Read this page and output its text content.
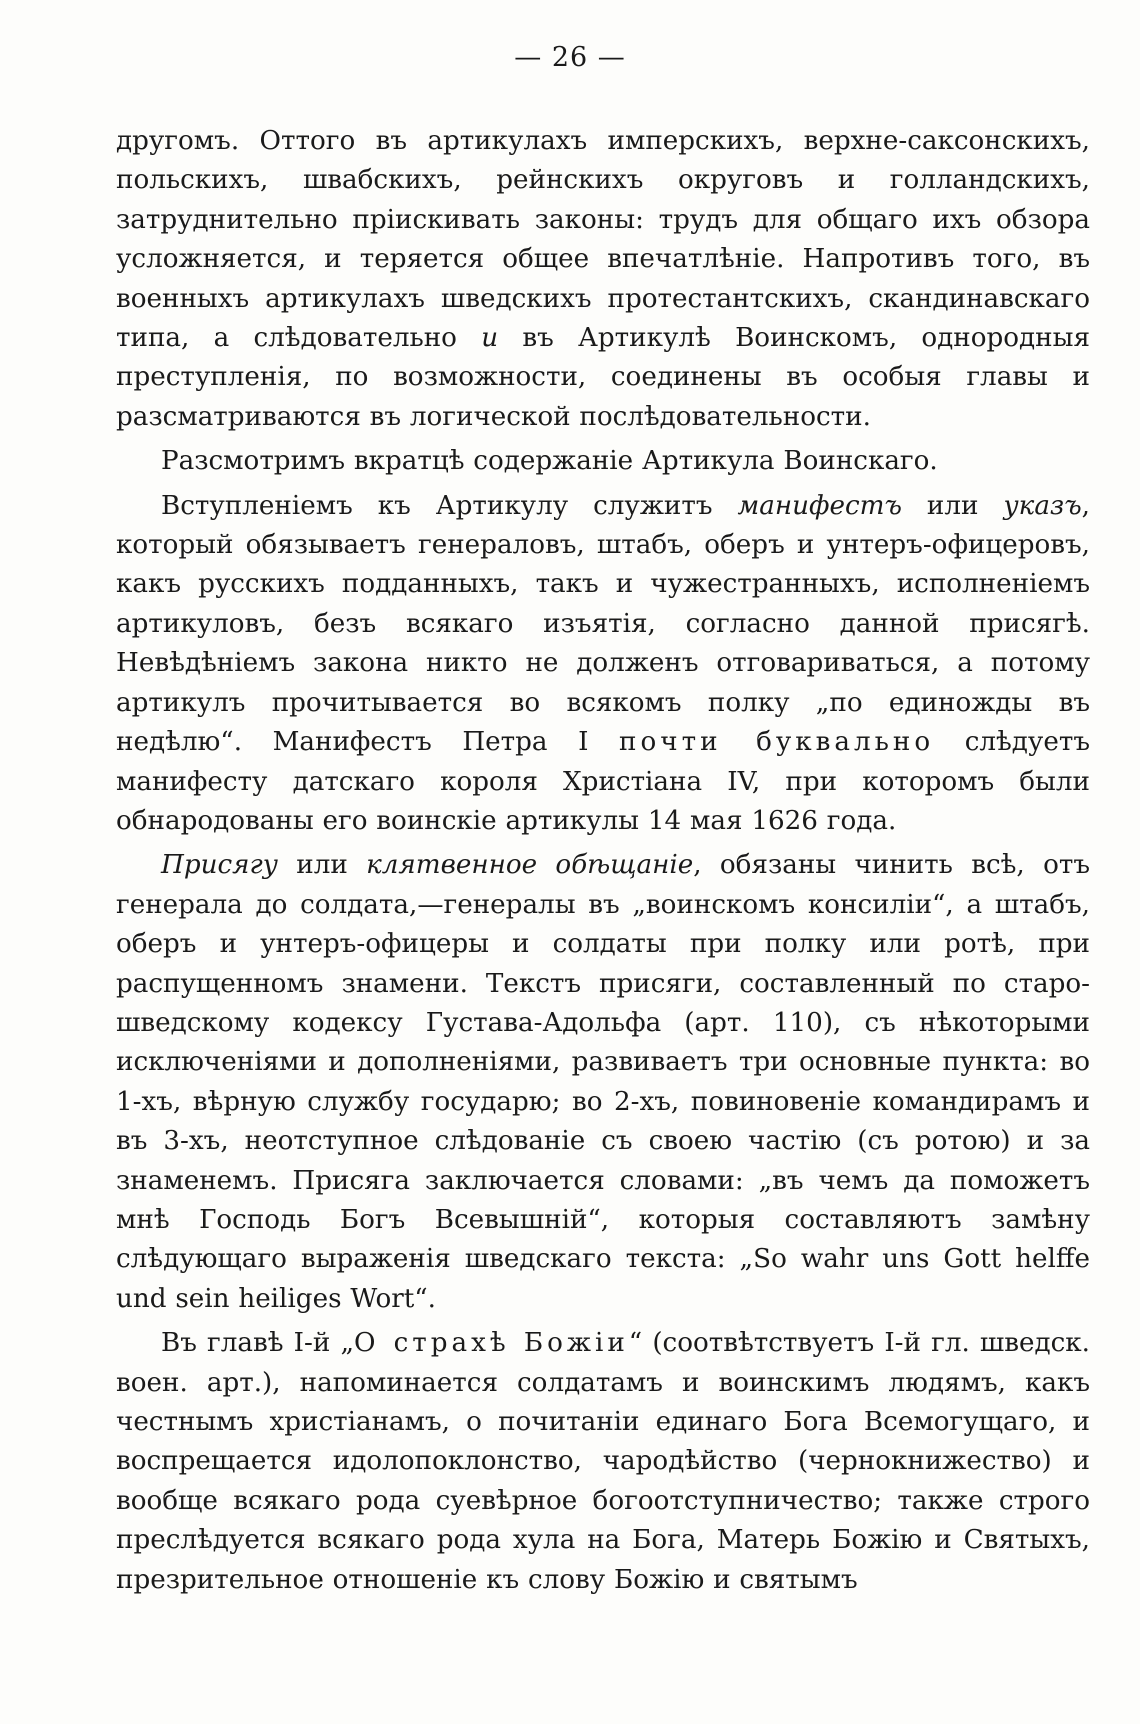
— 26 —

другомъ. Оттого въ артикулахъ имперскихъ, верхне-саксонскихъ, польскихъ, швабскихъ, рейнскихъ округовъ и голландскихъ, затруднительно пріискивать законы: трудъ для общаго ихъ обзора усложняется, и теряется общее впечатлѣніе. Напротивъ того, въ военныхъ артикулахъ шведскихъ протестантскихъ, скандинавскаго типа, а слѣдовательно и въ Артикулѣ Воинскомъ, однородныя преступленія, по возможности, соединены въ особыя главы и разсматриваются въ логической послѣдовательности.

Разсмотримъ вкратцѣ содержаніе Артикула Воинскаго.

Вступленіемъ къ Артикулу служитъ манифестъ или указъ, который обязываетъ генераловъ, штабъ, оберъ и унтеръ-офицеровъ, какъ русскихъ подданныхъ, такъ и чужестранныхъ, исполненіемъ артикуловъ, безъ всякаго изъятія, согласно данной присягѣ. Невѣдѣніемъ закона никто не долженъ отговариваться, а потому артикулъ прочитывается во всякомъ полку „по единожды въ недѣлю“. Манифестъ Петра I почти буквально слѣдуетъ манифесту датскаго короля Христіана IV, при которомъ были обнародованы его воинскіе артикулы 14 мая 1626 года.

Присягу или клятвенное обѣщаніе, обязаны чинить всѣ, отъ генерала до солдата,—генералы въ „воинскомъ консиліи“, а штабъ, оберъ и унтеръ-офицеры и солдаты при полку или ротѣ, при распущенномъ знамени. Текстъ присяги, составленный по старо-шведскому кодексу Густава-Адольфа (арт. 110), съ нѣкоторыми исключеніями и дополненіями, развиваетъ три основные пункта: во 1-хъ, вѣрную службу государю; во 2-хъ, повиновеніе командирамъ и въ 3-хъ, неотступное слѣдованіе съ своею частію (съ ротою) и за знаменемъ. Присяга заключается словами: „въ чемъ да поможетъ мнѣ Господь Богъ Всевышній“, которыя составляютъ замѣну слѣдующаго выраженія шведскаго текста: „So wahr uns Gott helffe und sein heiliges Wort“.

Въ главѣ I-й „О страхѣ Божіи“ (соотвѣтствуетъ I-й гл. шведск. воен. арт.), напоминается солдатамъ и воинскимъ людямъ, какъ честнымъ христіанамъ, о почитаніи единаго Бога Всемогущаго, и воспрещается идолопоклонство, чародѣйство (чернокнижество) и вообще всякаго рода суевѣрное богоотступничество; также строго преслѣдуется всякаго рода хула на Бога, Матерь Божію и Святыхъ, презрительное отношеніе къ слову Божію и святымъ
